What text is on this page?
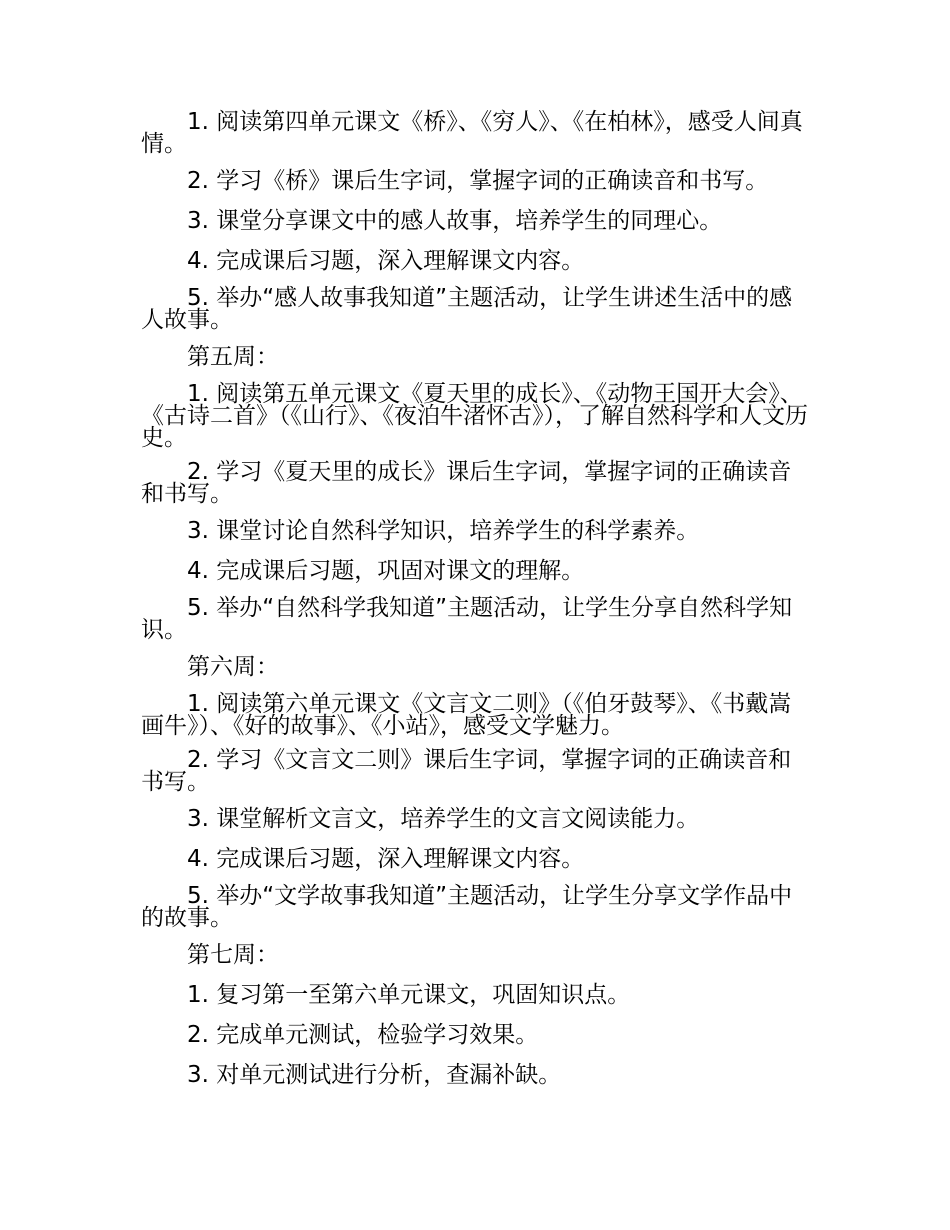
1. 阅读第四单元课文《桥》、《穷人》、《在柏林》，感受人间真情。

2. 学习《桥》课后生字词，掌握字词的正确读音和书写。

3. 课堂分享课文中的感人故事，培养学生的同理心。

4. 完成课后习题，深入理解课文内容。

5. 举办“感人故事我知道”主题活动，让学生讲述生活中的感人故事。

第五周：

1. 阅读第五单元课文《夏天里的成长》、《动物王国开大会》、《古诗二首》（《山行》、《夜泊牛渚怀古》），了解自然科学和人文历史。

2. 学习《夏天里的成长》课后生字词，掌握字词的正确读音和书写。

3. 课堂讨论自然科学知识，培养学生的科学素养。

4. 完成课后习题，巩固对课文的理解。

5. 举办“自然科学我知道”主题活动，让学生分享自然科学知识。

第六周：

1. 阅读第六单元课文《文言文二则》（《伯牙鼓琴》、《书戴嵩画牛》）、《好的故事》、《小站》，感受文学魅力。

2. 学习《文言文二则》课后生字词，掌握字词的正确读音和书写。

3. 课堂解析文言文，培养学生的文言文阅读能力。

4. 完成课后习题，深入理解课文内容。

5. 举办“文学故事我知道”主题活动，让学生分享文学作品中的故事。

第七周：

1. 复习第一至第六单元课文，巩固知识点。

2. 完成单元测试，检验学习效果。

3. 对单元测试进行分析，查漏补缺。
